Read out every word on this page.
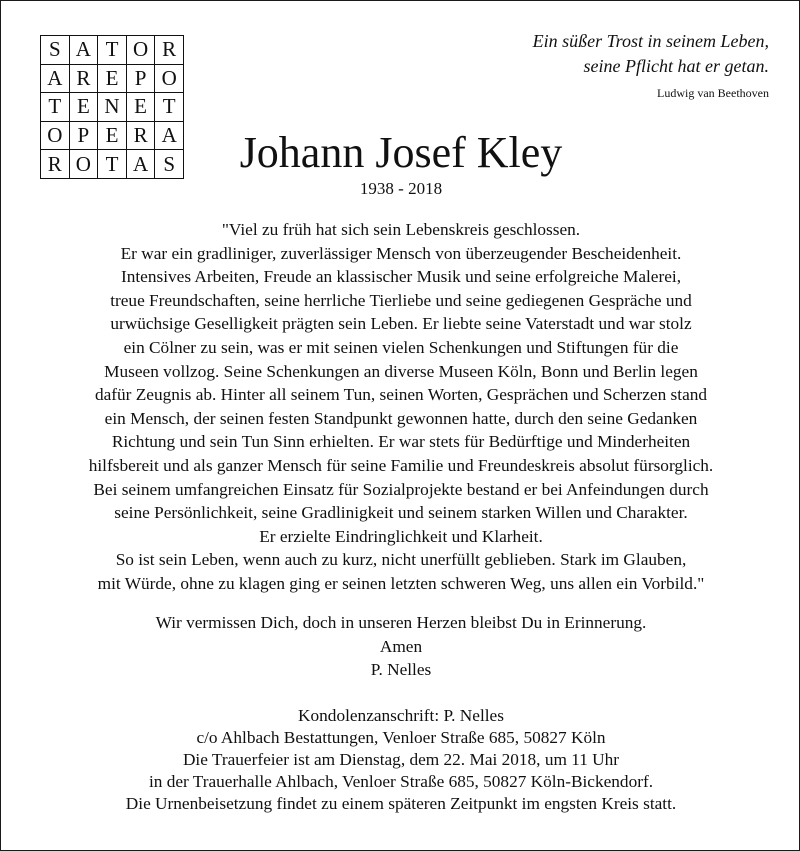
S	A	T	O	R
A	R	E	P	O
T	E	N	E	T
O	P	E	R	A
R	O	T	A	S
Ein süßer Trost in seinem Leben,
seine Pflicht hat er getan.
Ludwig van Beethoven
Johann Josef Kley
1938 - 2018
"Viel zu früh hat sich sein Lebenskreis geschlossen.
Er war ein gradliniger, zuverlässiger Mensch von überzeugender Bescheidenheit.
Intensives Arbeiten, Freude an klassischer Musik und seine erfolgreiche Malerei,
treue Freundschaften, seine herrliche Tierliebe und seine gediegenen Gespräche und
urwüchsige Geselligkeit prägten sein Leben. Er liebte seine Vaterstadt und war stolz
ein Cölner zu sein, was er mit seinen vielen Schenkungen und Stiftungen für die
Museen vollzog. Seine Schenkungen an diverse Museen Köln, Bonn und Berlin legen
dafür Zeugnis ab. Hinter all seinem Tun, seinen Worten, Gesprächen und Scherzen stand
ein Mensch, der seinen festen Standpunkt gewonnen hatte, durch den seine Gedanken
Richtung und sein Tun Sinn erhielten. Er war stets für Bedürftige und Minderheiten
hilfsbereit und als ganzer Mensch für seine Familie und Freundeskreis absolut fürsorglich.
Bei seinem umfangreichen Einsatz für Sozialprojekte bestand er bei Anfeindungen durch
seine Persönlichkeit, seine Gradlinigkeit und seinem starken Willen und Charakter.
Er erzielte Eindringlichkeit und Klarheit.
So ist sein Leben, wenn auch zu kurz, nicht unerfüllt geblieben. Stark im Glauben,
mit Würde, ohne zu klagen ging er seinen letzten schweren Weg, uns allen ein Vorbild."
Wir vermissen Dich, doch in unseren Herzen bleibst Du in Erinnerung.
Amen
P. Nelles
Kondolenzanschrift: P. Nelles
c/o Ahlbach Bestattungen, Venloer Straße 685, 50827 Köln
Die Trauerfeier ist am Dienstag, dem 22. Mai 2018, um 11 Uhr
in der Trauerhalle Ahlbach, Venloer Straße 685, 50827 Köln-Bickendorf.
Die Urnenbeisetzung findet zu einem späteren Zeitpunkt im engsten Kreis statt.
